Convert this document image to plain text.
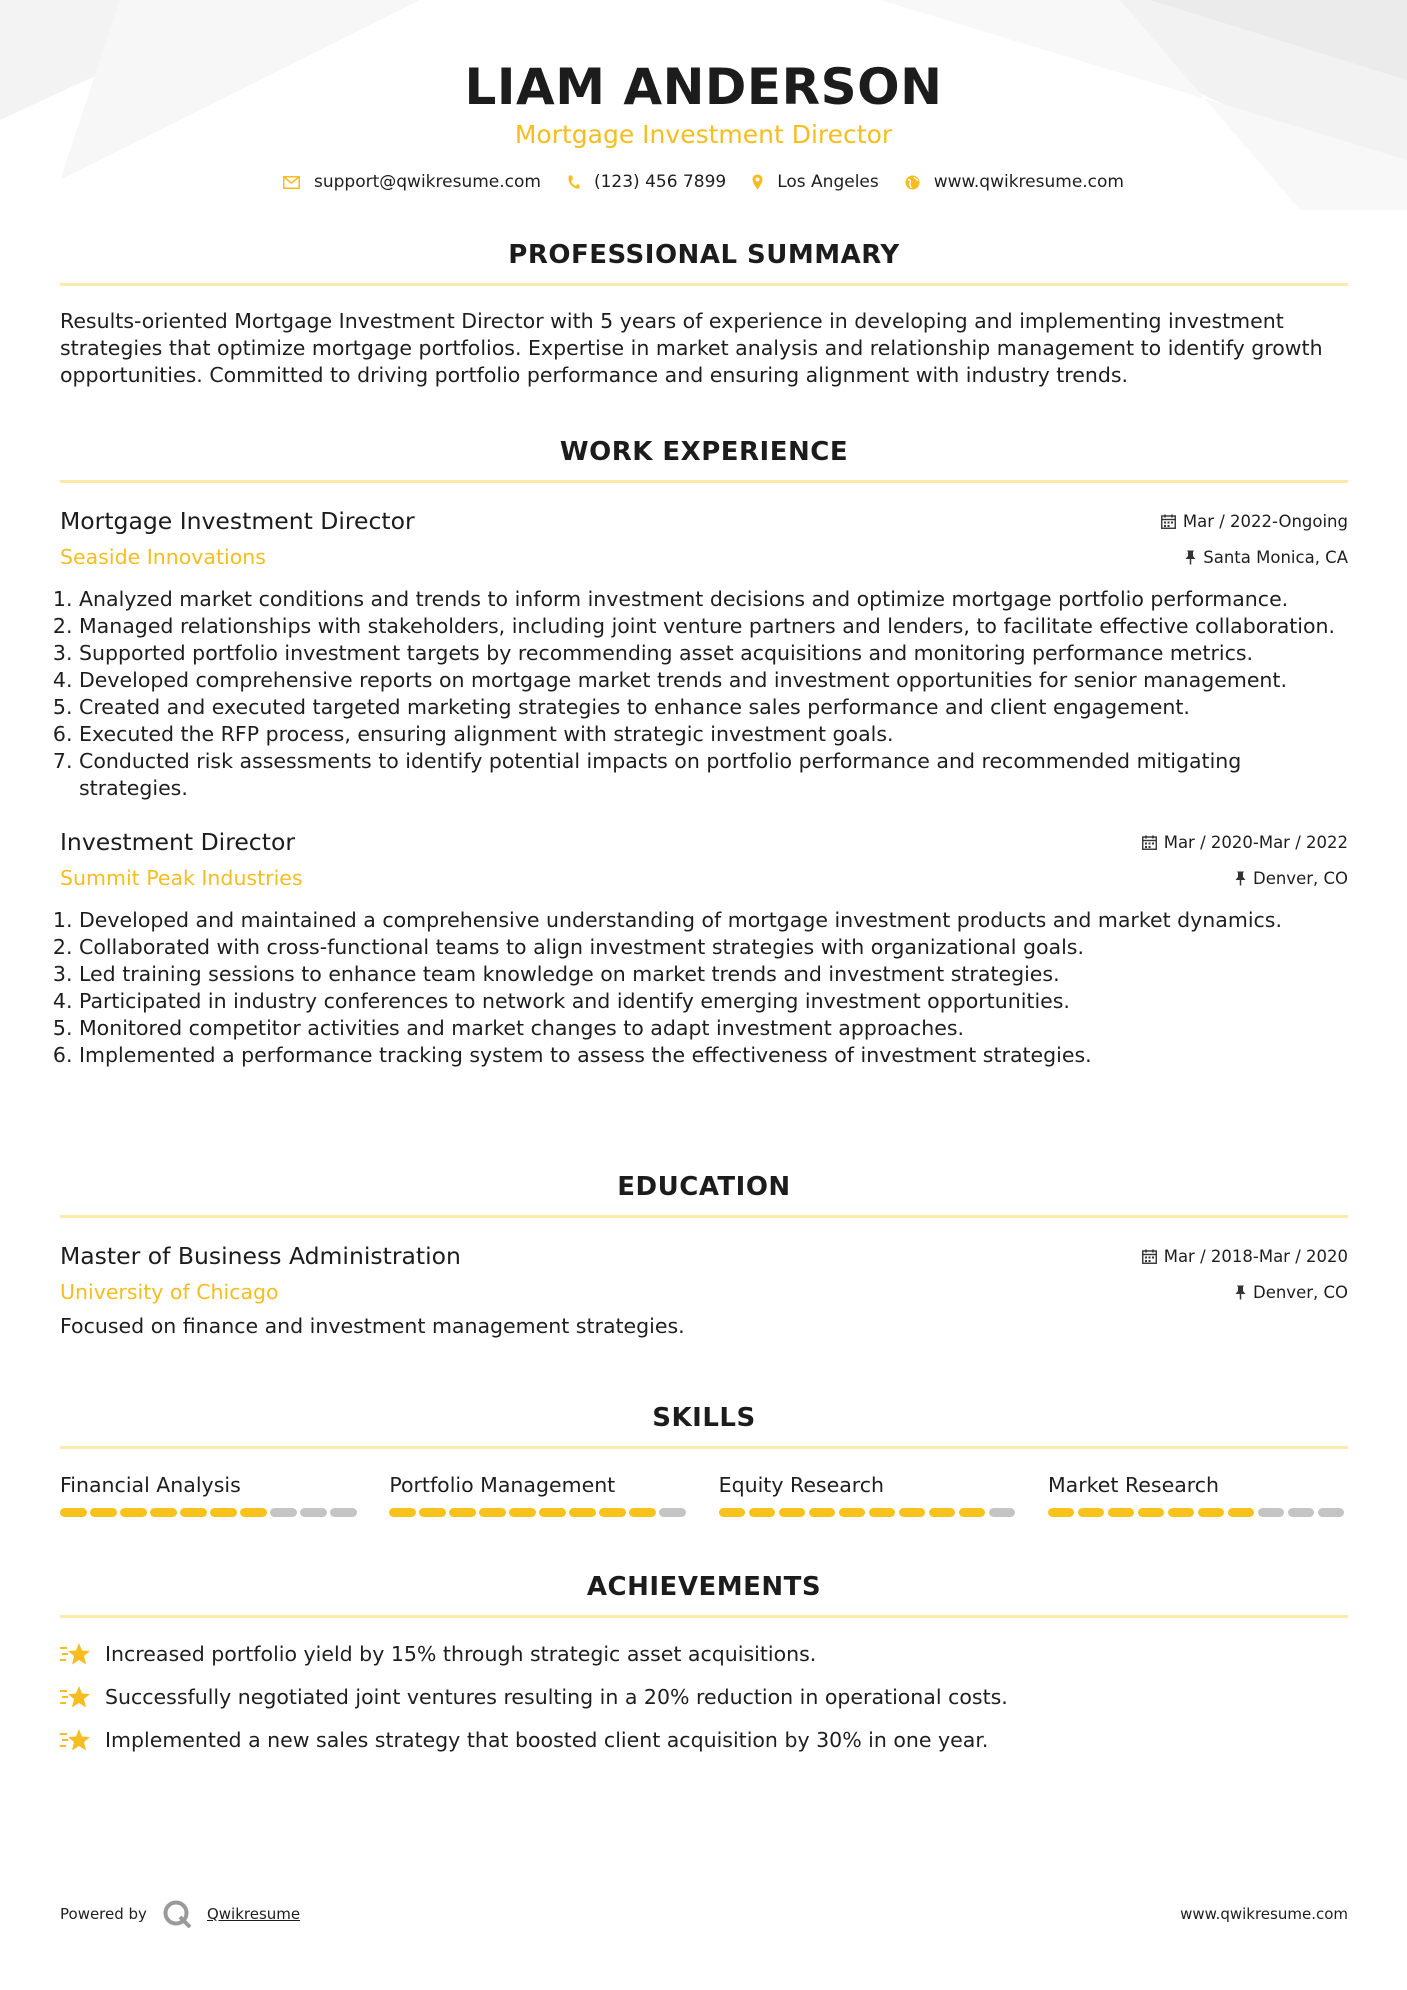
LIAM ANDERSON
Mortgage Investment Director
support@qwikresume.com	(123) 456 7899	Los Angeles	www.qwikresume.com
PROFESSIONAL SUMMARY
Results-oriented Mortgage Investment Director with 5 years of experience in developing and implementing investment strategies that optimize mortgage portfolios. Expertise in market analysis and relationship management to identify growth opportunities. Committed to driving portfolio performance and ensuring alignment with industry trends.
WORK EXPERIENCE
Mortgage Investment Director	Mar / 2022-Ongoing
Seaside Innovations	Santa Monica, CA
1. Analyzed market conditions and trends to inform investment decisions and optimize mortgage portfolio performance.
2. Managed relationships with stakeholders, including joint venture partners and lenders, to facilitate effective collaboration.
3. Supported portfolio investment targets by recommending asset acquisitions and monitoring performance metrics.
4. Developed comprehensive reports on mortgage market trends and investment opportunities for senior management.
5. Created and executed targeted marketing strategies to enhance sales performance and client engagement.
6. Executed the RFP process, ensuring alignment with strategic investment goals.
7. Conducted risk assessments to identify potential impacts on portfolio performance and recommended mitigating strategies.
Investment Director	Mar / 2020-Mar / 2022
Summit Peak Industries	Denver, CO
1. Developed and maintained a comprehensive understanding of mortgage investment products and market dynamics.
2. Collaborated with cross-functional teams to align investment strategies with organizational goals.
3. Led training sessions to enhance team knowledge on market trends and investment strategies.
4. Participated in industry conferences to network and identify emerging investment opportunities.
5. Monitored competitor activities and market changes to adapt investment approaches.
6. Implemented a performance tracking system to assess the effectiveness of investment strategies.
EDUCATION
Master of Business Administration	Mar / 2018-Mar / 2020
University of Chicago	Denver, CO
Focused on finance and investment management strategies.
SKILLS
Financial Analysis	Portfolio Management	Equity Research	Market Research
ACHIEVEMENTS
Increased portfolio yield by 15% through strategic asset acquisitions.
Successfully negotiated joint ventures resulting in a 20% reduction in operational costs.
Implemented a new sales strategy that boosted client acquisition by 30% in one year.
Powered by	Qwikresume	www.qwikresume.com
